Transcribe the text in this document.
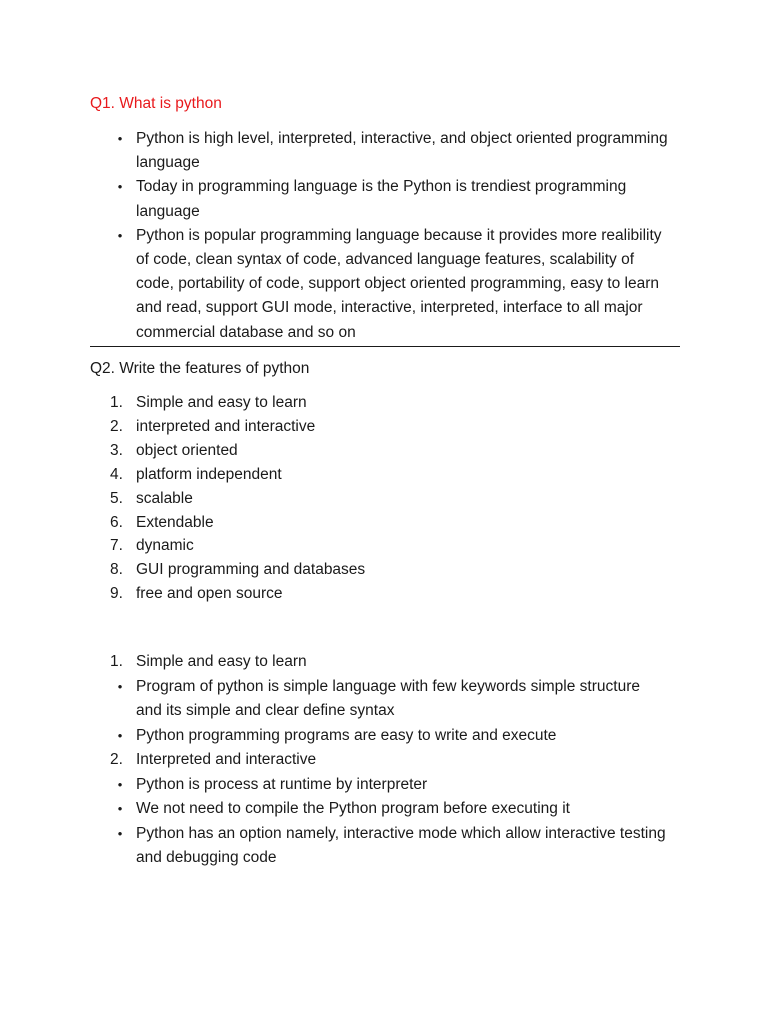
Q1. What is python
• Python is high level, interpreted, interactive, and object oriented programming language
• Today in programming language is the Python is trendiest programming language
• Python is popular programming language because it provides more realibility of code, clean syntax of code, advanced language features, scalability of code, portability of code, support object oriented programming, easy to learn and read, support GUI mode, interactive, interpreted, interface to all major commercial database and so on
Q2. Write the features of python
1. Simple and easy to learn
2. interpreted and interactive
3. object oriented
4. platform independent
5. scalable
6. Extendable
7. dynamic
8. GUI programming and databases
9. free and open source
1. Simple and easy to learn
• Program of python is simple language with few keywords simple structure and its simple and clear define syntax
• Python programming programs are easy to write and execute
2. Interpreted and interactive
• Python is process at runtime by interpreter
• We not need to compile the Python program before executing it
• Python has an option namely, interactive mode which allow interactive testing and debugging code
